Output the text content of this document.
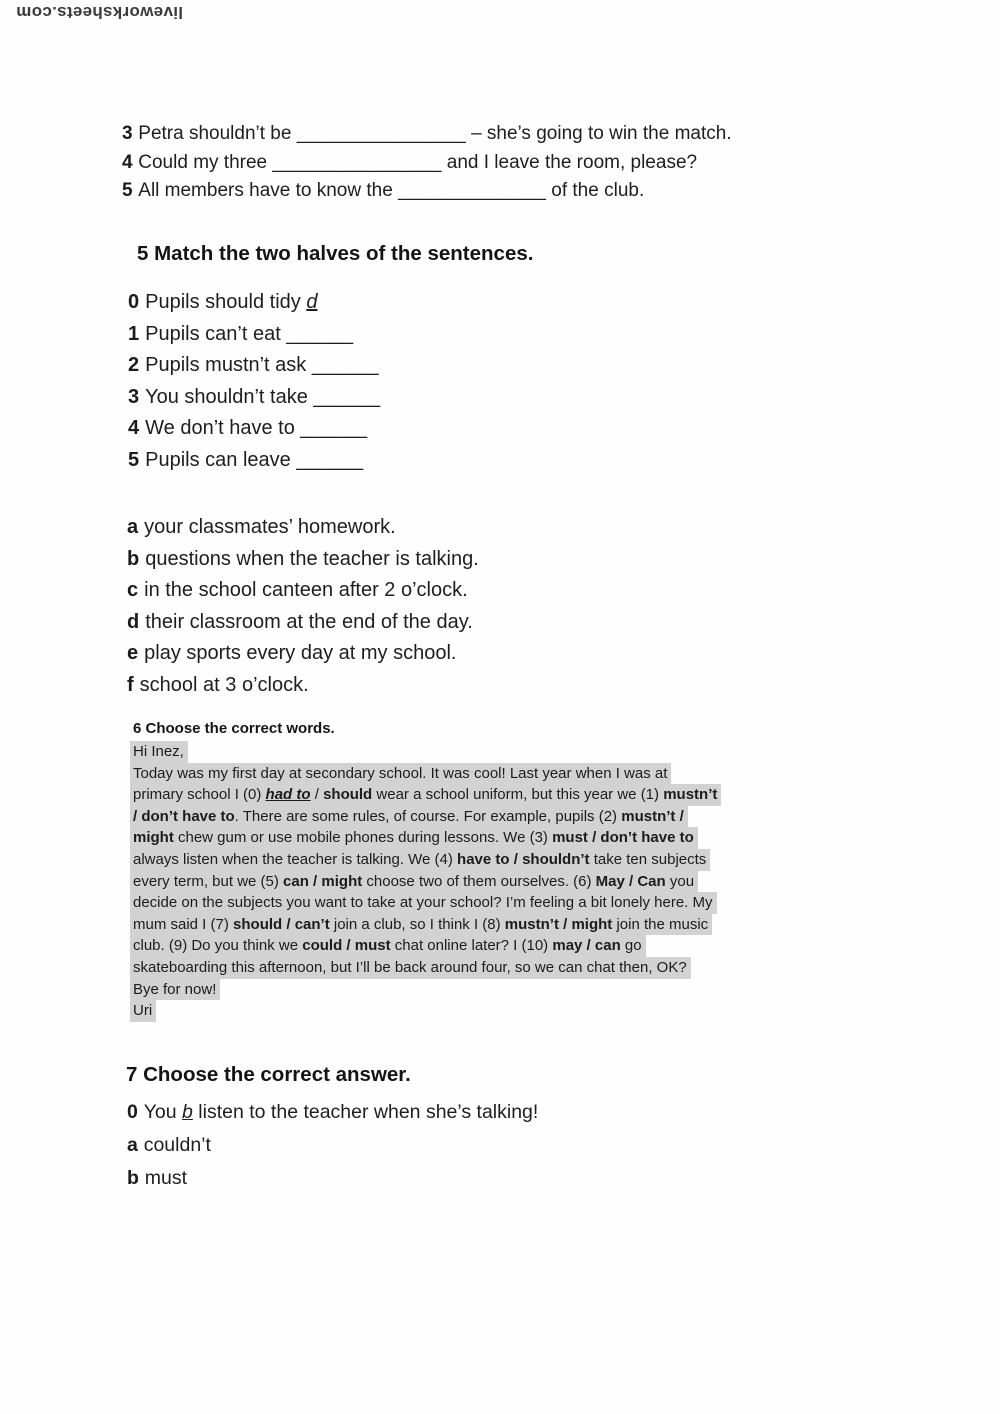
liveworksheets.com
3 Petra shouldn’t be ________________ – she’s going to win the match.
4 Could my three ________________ and I leave the room, please?
5 All members have to know the ______________ of the club.
5 Match the two halves of the sentences.
0 Pupils should tidy d
1 Pupils can’t eat ______
2 Pupils mustn’t ask ______
3 You shouldn’t take ______
4 We don’t have to ______
5 Pupils can leave ______
a your classmates’ homework.
b questions when the teacher is talking.
c in the school canteen after 2 o’clock.
d their classroom at the end of the day.
e play sports every day at my school.
f school at 3 o’clock.
6 Choose the correct words.
Hi Inez,
Today was my first day at secondary school. It was cool! Last year when I was at
primary school I (0) had to / should wear a school uniform, but this year we (1) mustn’t
/ don’t have to. There are some rules, of course. For example, pupils (2) mustn’t /
might chew gum or use mobile phones during lessons. We (3) must / don’t have to
always listen when the teacher is talking. We (4) have to / shouldn’t take ten subjects
every term, but we (5) can / might choose two of them ourselves. (6) May / Can you
decide on the subjects you want to take at your school? I’m feeling a bit lonely here. My
mum said I (7) should / can’t join a club, so I think I (8) mustn’t / might join the music
club. (9) Do you think we could / must chat online later? I (10) may / can go
skateboarding this afternoon, but I’ll be back around four, so we can chat then, OK?
Bye for now!
Uri
7 Choose the correct answer.
0 You b listen to the teacher when she’s talking!
a couldn’t
b must
